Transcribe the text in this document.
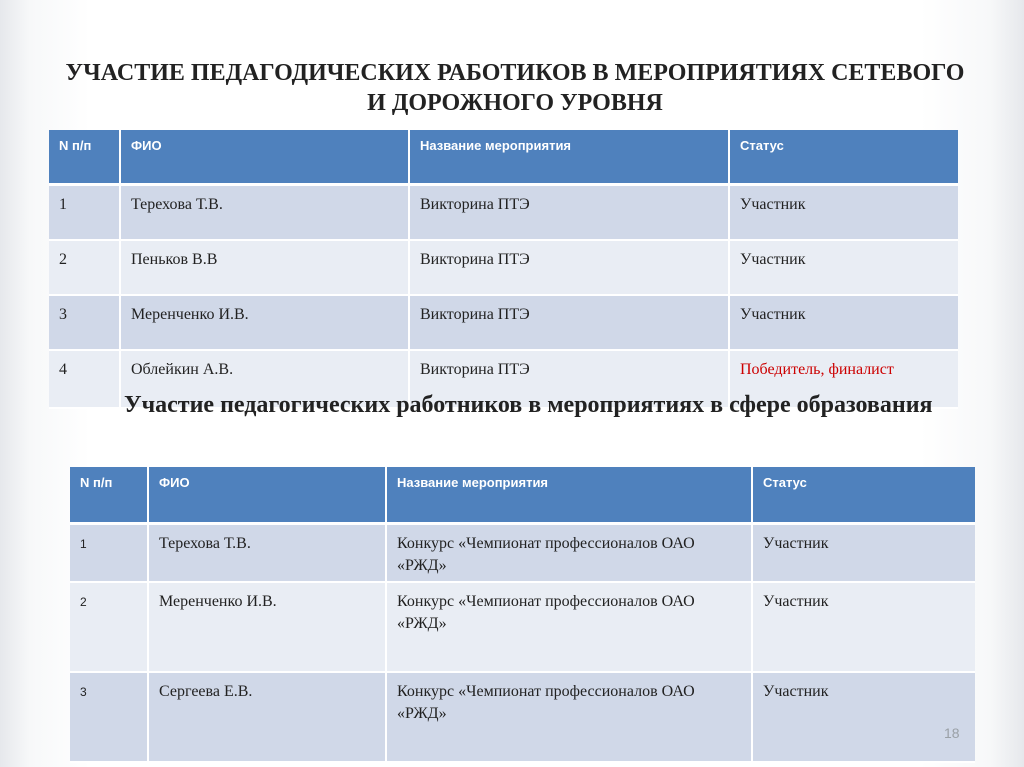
УЧАСТИЕ ПЕДАГОДИЧЕСКИХ РАБОТИКОВ В МЕРОПРИЯТИЯХ СЕТЕВОГО И ДОРОЖНОГО УРОВНЯ
N п/п	ФИО	Название мероприятия	Статус
1	Терехова Т.В.	Викторина ПТЭ	Участник
2	Пеньков В.В	Викторина ПТЭ	Участник
3	Меренченко И.В.	Викторина ПТЭ	Участник
4	Облейкин А.В.	Викторина ПТЭ	Победитель, финалист
Участие педагогических работников в мероприятиях в сфере образования
N п/п	ФИО	Название мероприятия	Статус
1	Терехова Т.В.	Конкурс «Чемпионат профессионалов ОАО «РЖД»	Участник
2	Меренченко И.В.	Конкурс «Чемпионат профессионалов ОАО «РЖД»	Участник
3	Сергеева Е.В.	Конкурс «Чемпионат профессионалов ОАО «РЖД»	Участник
18
